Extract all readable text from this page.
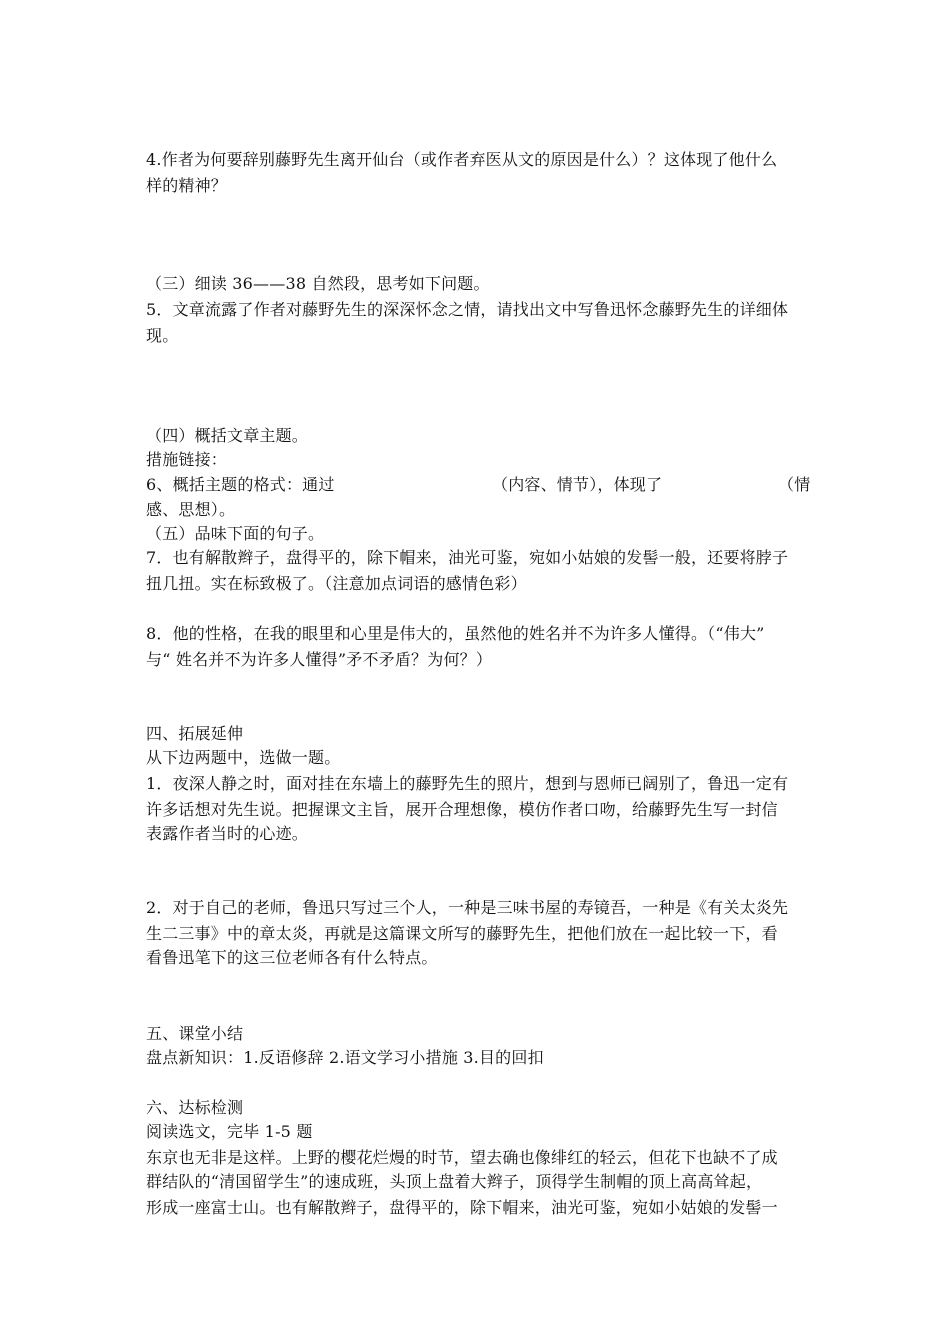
4.作者为何要辞别藤野先生离开仙台（或作者弃医从文的原因是什么）？这体现了他什么
样的精神？
（三）细读 36——38 自然段，思考如下问题。
5．文章流露了作者对藤野先生的深深怀念之情，请找出文中写鲁迅怀念藤野先生的详细体
现。
（四）概括文章主题。
措施链接：
6、概括主题的格式：通过	（内容、情节），体现了	（情
感、思想）。
（五）品味下面的句子。
7．也有解散辫子，盘得平的，除下帽来，油光可鉴，宛如小姑娘的发髻一般，还要将脖子
扭几扭。实在标致极了。（注意加点词语的感情色彩）
8．他的性格，在我的眼里和心里是伟大的，虽然他的姓名并不为许多人懂得。（“伟大”
与“ 姓名并不为许多人懂得”矛不矛盾？为何？）
四、拓展延伸
从下边两题中，选做一题。
1．夜深人静之时，面对挂在东墙上的藤野先生的照片，想到与恩师已阔别了，鲁迅一定有
许多话想对先生说。把握课文主旨，展开合理想像，模仿作者口吻，给藤野先生写一封信
表露作者当时的心迹。
2．对于自己的老师，鲁迅只写过三个人，一种是三味书屋的寿镜吾，一种是《有关太炎先
生二三事》中的章太炎，再就是这篇课文所写的藤野先生，把他们放在一起比较一下，看
看鲁迅笔下的这三位老师各有什么特点。
五、课堂小结
盘点新知识：1.反语修辞 2.语文学习小措施 3.目的回扣
六、达标检测
阅读选文，完毕 1-5 题
东京也无非是这样。上野的樱花烂熳的时节，望去确也像绯红的轻云，但花下也缺不了成
群结队的“清国留学生”的速成班，头顶上盘着大辫子，顶得学生制帽的顶上高高耸起，
形成一座富士山。也有解散辫子，盘得平的，除下帽来，油光可鉴，宛如小姑娘的发髻一
